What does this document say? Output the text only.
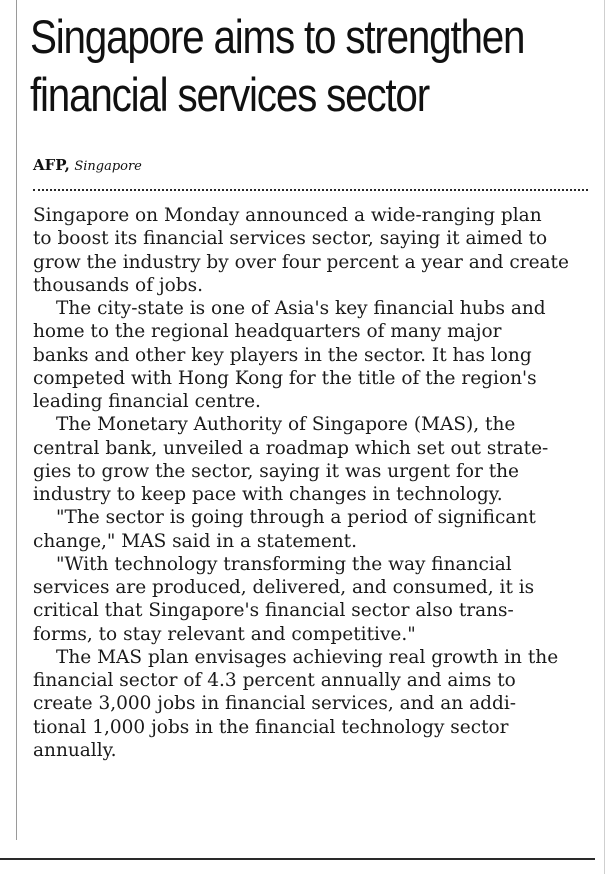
Singapore aims to strengthen
financial services sector
AFP, Singapore
Singapore on Monday announced a wide-ranging plan
to boost its financial services sector, saying it aimed to
grow the industry by over four percent a year and create
thousands of jobs.
The city-state is one of Asia's key financial hubs and
home to the regional headquarters of many major
banks and other key players in the sector. It has long
competed with Hong Kong for the title of the region's
leading financial centre.
The Monetary Authority of Singapore (MAS), the
central bank, unveiled a roadmap which set out strate-
gies to grow the sector, saying it was urgent for the
industry to keep pace with changes in technology.
"The sector is going through a period of significant
change," MAS said in a statement.
"With technology transforming the way financial
services are produced, delivered, and consumed, it is
critical that Singapore's financial sector also trans-
forms, to stay relevant and competitive."
The MAS plan envisages achieving real growth in the
financial sector of 4.3 percent annually and aims to
create 3,000 jobs in financial services, and an addi-
tional 1,000 jobs in the financial technology sector
annually.
